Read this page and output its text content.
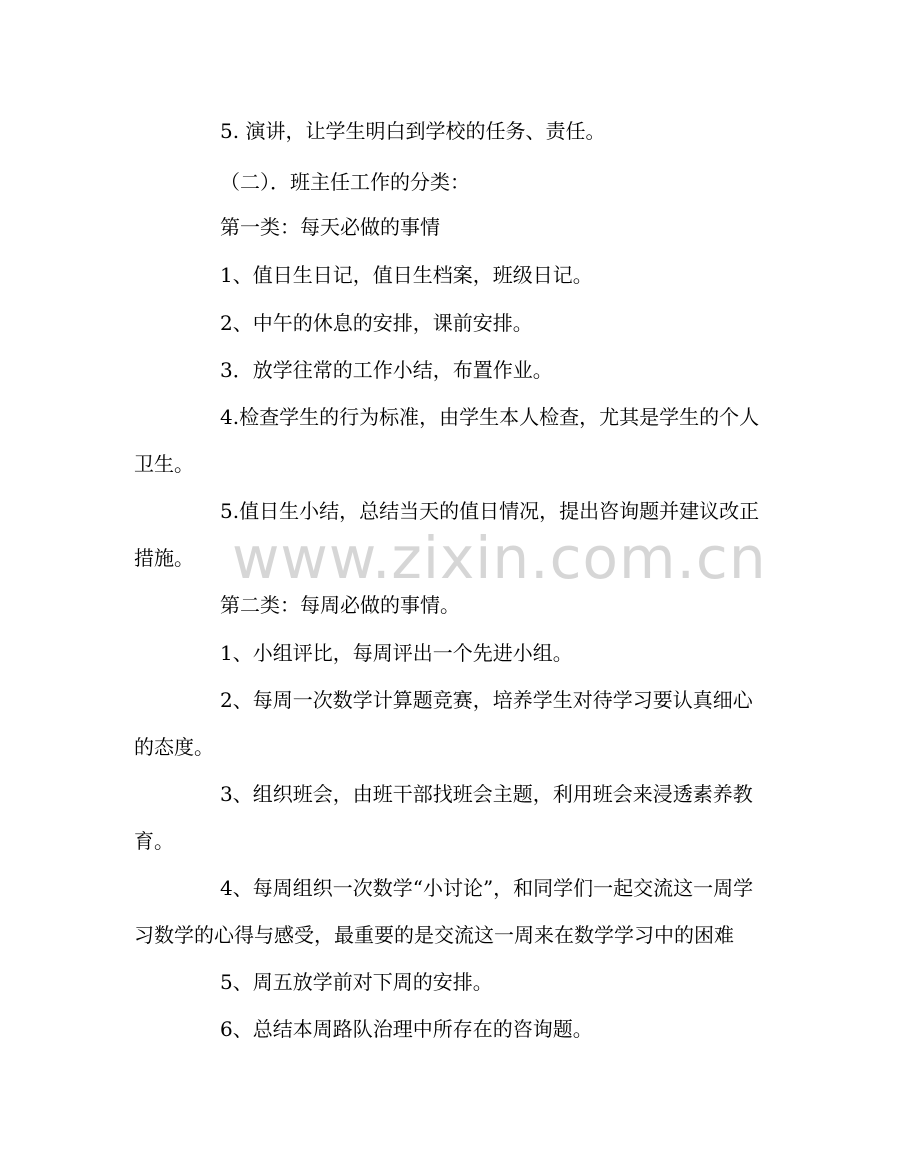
5. 演讲，让学生明白到学校的任务、责任。
（二）．班主任工作的分类：
第一类：每天必做的事情
1、值日生日记，值日生档案，班级日记。
2、中午的休息的安排，课前安排。
3．放学往常的工作小结，布置作业。
4.检查学生的行为标准，由学生本人检查，尤其是学生的个人
卫生。
5.值日生小结，总结当天的值日情况，提出咨询题并建议改正
措施。
第二类：每周必做的事情。
1、小组评比，每周评出一个先进小组。
2、每周一次数学计算题竞赛，培养学生对待学习要认真细心
的态度。
3、组织班会，由班干部找班会主题，利用班会来浸透素养教
育。
4、每周组织一次数学“小讨论”，和同学们一起交流这一周学
习数学的心得与感受，最重要的是交流这一周来在数学学习中的困难
5、周五放学前对下周的安排。
6、总结本周路队治理中所存在的咨询题。
www.zixin.com.cn
